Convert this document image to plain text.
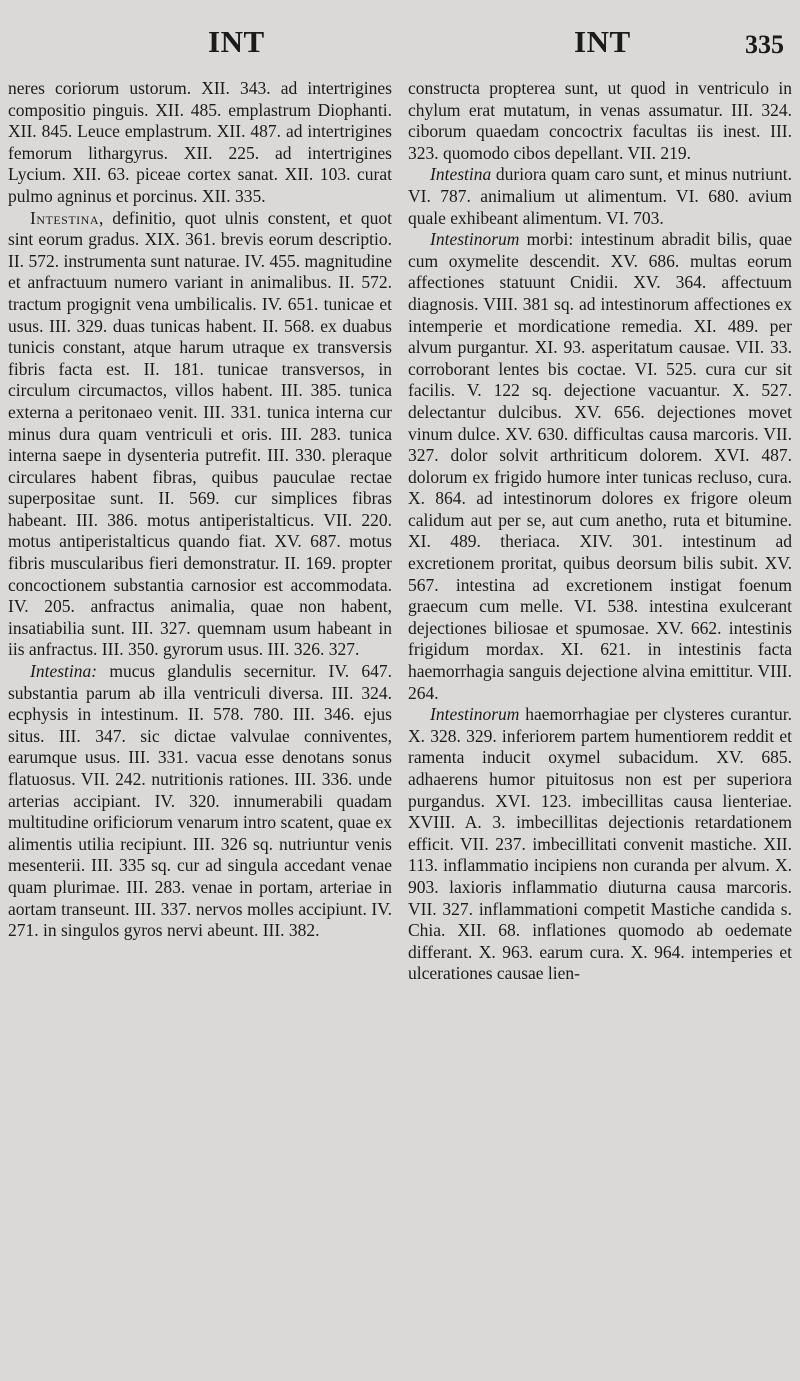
INT	INT	335

neres coriorum ustorum. XII. 343. ad intertrigines compositio pinguis. XII. 485. emplastrum Diophanti. XII. 845. Leuce emplastrum. XII. 487. ad intertrigines femorum lithargyrus. XII. 225. ad intertrigines Lycium. XII. 63. piceae cortex sanat. XII. 103. curat pulmo agninus et porcinus. XII. 335.

Intestina, definitio, quot ulnis constent, et quot sint eorum gradus. XIX. 361. brevis eorum descriptio. II. 572. instrumenta sunt naturae. IV. 455. magnitudine et anfractuum numero variant in animalibus. II. 572. tractum progignit vena umbilicalis. IV. 651. tunicae et usus. III. 329. duas tunicas habent. II. 568. ex duabus tunicis constant, atque harum utraque ex transversis fibris facta est. II. 181. tunicae transversos, in circulum circumactos, villos habent. III. 385. tunica externa a peritonaeo venit. III. 331. tunica interna cur minus dura quam ventriculi et oris. III. 283. tunica interna saepe in dysenteria putrefit. III. 330. pleraque circulares habent fibras, quibus pauculae rectae superpositae sunt. II. 569. cur simplices fibras habeant. III. 386. motus antiperistalticus. VII. 220. motus antiperistalticus quando fiat. XV. 687. motus fibris muscularibus fieri demonstratur. II. 169. propter concoctionem substantia carnosior est accommodata. IV. 205. anfractus animalia, quae non habent, insatiabilia sunt. III. 327. quemnam usum habeant in iis anfractus. III. 350. gyrorum usus. III. 326. 327.

Intestina: mucus glandulis secernitur. IV. 647. substantia parum ab illa ventriculi diversa. III. 324. ecphysis in intestinum. II. 578. 780. III. 346. ejus situs. III. 347. sic dictae valvulae conniventes, earumque usus. III. 331. vacua esse denotans sonus flatuosus. VII. 242. nutritionis rationes. III. 336. unde arterias accipiant. IV. 320. innumerabili quadam multitudine orificiorum venarum intro scatent, quae ex alimentis utilia recipiunt. III. 326 sq. nutriuntur venis mesenterii. III. 335 sq. cur ad singula accedant venae quam plurimae. III. 283. venae in portam, arteriae in aortam transeunt. III. 337. nervos molles accipiunt. IV. 271. in singulos gyros nervi abeunt. III. 382.

constructa propterea sunt, ut quod in ventriculo in chylum erat mutatum, in venas assumatur. III. 324. ciborum quaedam concoctrix facultas iis inest. III. 323. quomodo cibos depellant. VII. 219.

Intestina duriora quam caro sunt, et minus nutriunt. VI. 787. animalium ut alimentum. VI. 680. avium quale exhibeant alimentum. VI. 703.

Intestinorum morbi: intestinum abradit bilis, quae cum oxymelite descendit. XV. 686. multas eorum affectiones statuunt Cnidii. XV. 364. affectuum diagnosis. VIII. 381 sq. ad intestinorum affectiones ex intemperie et mordicatione remedia. XI. 489. per alvum purgantur. XI. 93. asperitatum causae. VII. 33. corroborant lentes bis coctae. VI. 525. cura cur sit facilis. V. 122 sq. dejectione vacuantur. X. 527. delectantur dulcibus. XV. 656. dejectiones movet vinum dulce. XV. 630. difficultas causa marcoris. VII. 327. dolor solvit arthriticum dolorem. XVI. 487. dolorum ex frigido humore inter tunicas recluso, cura. X. 864. ad intestinorum dolores ex frigore oleum calidum aut per se, aut cum anetho, ruta et bitumine. XI. 489. theriaca. XIV. 301. intestinum ad excretionem proritat, quibus deorsum bilis subit. XV. 567. intestina ad excretionem instigat foenum graecum cum melle. VI. 538. intestina exulcerant dejectiones biliosae et spumosae. XV. 662. intestinis frigidum mordax. XI. 621. in intestinis facta haemorrhagia sanguis dejectione alvina emittitur. VIII. 264.

Intestinorum haemorrhagiae per clysteres curantur. X. 328. 329. inferiorem partem humentiorem reddit et ramenta inducit oxymel subacidum. XV. 685. adhaerens humor pituitosus non est per superiora purgandus. XVI. 123. imbecillitas causa lienteriae. XVIII. A. 3. imbecillitas dejectionis retardationem efficit. VII. 237. imbecillitati convenit mastiche. XII. 113. inflammatio incipiens non curanda per alvum. X. 903. laxioris inflammatio diuturna causa marcoris. VII. 327. inflammationi competit Mastiche candida s. Chia. XII. 68. inflationes quomodo ab oedemate differant. X. 963. earum cura. X. 964. intemperies et ulcerationes causae lien-
